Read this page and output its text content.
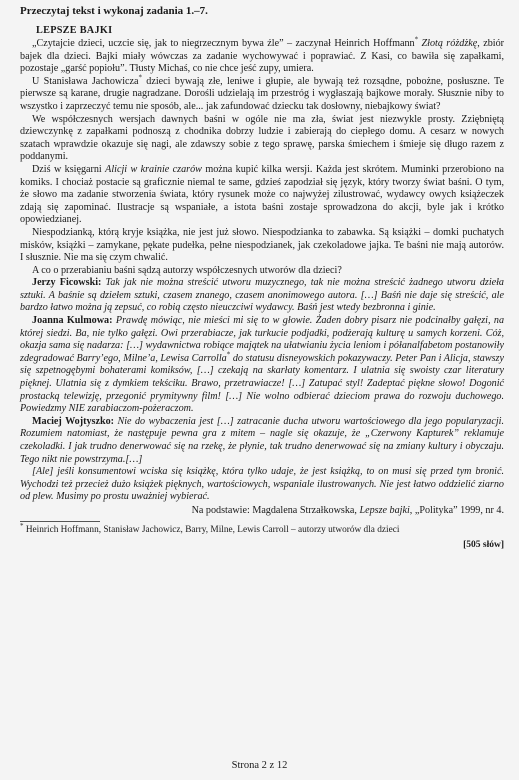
Przeczytaj tekst i wykonaj zadania 1.–7.

LEPSZE BAJKI

„Czytajcie dzieci, uczcie się, jak to niegrzecznym bywa źle” – zaczynał Heinrich Hoffmann* Złotą różdżkę, zbiór bajek dla dzieci. Bajki miały wówczas za zadanie wychowywać i poprawiać. Z Kasi, co bawiła się zapałkami, pozostaje „garść popiołu”. Tłusty Michaś, co nie chce jeść zupy, umiera.

U Stanisława Jachowicza* dzieci bywają złe, leniwe i głupie, ale bywają też rozsądne, pobożne, posłuszne. Te pierwsze są karane, drugie nagradzane. Dorośli udzielają im przestróg i wygłaszają bajkowe morały. Słusznie niby to wszystko i zaprzeczyć temu nie sposób, ale... jak zafundować dziecku tak dosłowny, niebajkowy świat?

We współczesnych wersjach dawnych baśni w ogóle nie ma zła, świat jest niezwykle prosty. Zziębniętą dziewczynkę z zapałkami podnoszą z chodnika dobrzy ludzie i zabierają do ciepłego domu. A cesarz w nowych szatach wprawdzie okazuje się nagi, ale zdawszy sobie z tego sprawę, parska śmiechem i śmieje się długo razem z poddanymi.

Dziś w księgarni Alicji w krainie czarów można kupić kilka wersji. Każda jest skrótem. Muminki przerobiono na komiks. I chociaż postacie są graficznie niemal te same, gdzieś zapodział się język, który tworzy świat baśni. O tym, że słowo ma zadanie stworzenia świata, który rysunek może co najwyżej zilustrować, wydawcy owych książeczek zdają się zapominać. Ilustracje są wspaniałe, a istota baśni zostaje sprowadzona do akcji, byle jak i krótko opowiedzianej.

Niespodzianką, którą kryje książka, nie jest już słowo. Niespodzianka to zabawka. Są książki – domki puchatych misków, książki – zamykane, pękate pudełka, pełne niespodzianek, jak czekoladowe jajka. Te baśni nie mają autorów. I słusznie. Nie ma się czym chwalić.

A co o przerabianiu baśni sądzą autorzy współczesnych utworów dla dzieci?

Jerzy Ficowski: Tak jak nie można streścić utworu muzycznego, tak nie można streścić żadnego utworu dzieła sztuki. A baśnie są dziełem sztuki, czasem znanego, czasem anonimowego autora. […] Baśń nie daje się streścić, ale bardzo łatwo można ją zepsuć, co robią często nieuczciwi wydawcy. Baśń jest wtedy bezbronna i ginie.

Joanna Kulmowa: Prawdę mówiąc, nie mieści mi się to w głowie. Żaden dobry pisarz nie podcinałby gałęzi, na której siedzi. Ba, nie tylko gałęzi. Owi przerabiacze, jak turkucie podjadki, podżerają kulturę u samych korzeni. Cóż, okazja sama się nadarza: […] wydawnictwa robiące majątek na ułatwianiu życia leniom i półanalfabetom postanowiły zdegradować Barry’ego, Milne’a, Lewisa Carrolla* do statusu disneyowskich pokazywaczy. Peter Pan i Alicja, stawszy się szpetnogębymi bohaterami komiksów, […] czekają na skarłaty komentarz. I ulatnia się swoisty czar literatury pięknej. Ulatnia się z dymkiem tekściku. Brawo, przetrawiacze! […] Zatupać styl! Zadeptać piękne słowo! Dogonić prostacką telewizję, przegonić prymitywny film! […] Nie wolno odbierać dzieciom prawa do rozwoju duchowego. Powiedzmy NIE zarabiaczom-pożeraczom.

Maciej Wojtyszko: Nie do wybaczenia jest […] zatracanie ducha utworu wartościowego dla jego popularyzacji. Rozumiem natomiast, że następuje pewna gra z mitem – nagle się okazuje, że „Czerwony Kapturek” reklamuje czekoladki. I jak trudno denerwować się na rzekę, że płynie, tak trudno denerwować się na zmiany kultury i obyczaju. Tego nikt nie powstrzyma.[…]

[Ale] jeśli konsumentowi wciska się książkę, która tylko udaje, że jest książką, to on musi się przed tym bronić. Wychodzi też przecież dużo książek pięknych, wartościowych, wspaniale ilustrowanych. Nie jest łatwo oddzielić ziarno od plew. Musimy po prostu uważniej wybierać.

Na podstawie: Magdalena Strzałkowska, Lepsze bajki, „Polityka” 1999, nr 4.

* Heinrich Hoffmann, Stanisław Jachowicz, Barry, Milne, Lewis Carroll – autorzy utworów dla dzieci
[505 słów]
Strona 2 z 12
